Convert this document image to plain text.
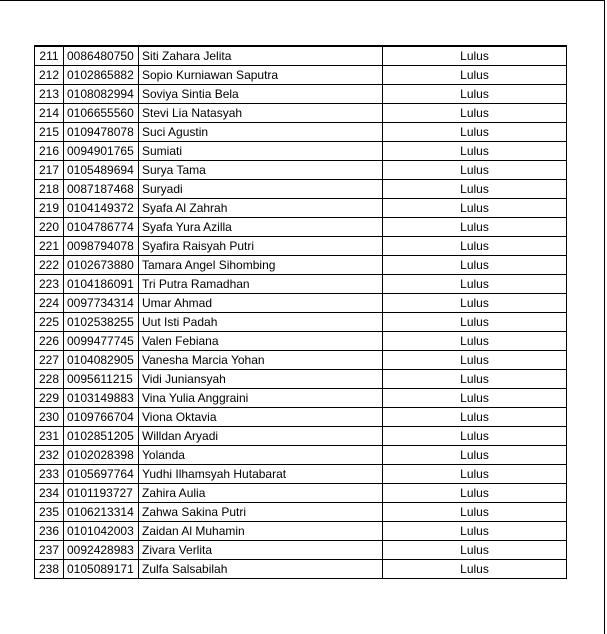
211	0086480750	Siti Zahara Jelita	Lulus
212	0102865882	Sopio Kurniawan Saputra	Lulus
213	0108082994	Soviya Sintia Bela	Lulus
214	0106655560	Stevi Lia Natasyah	Lulus
215	0109478078	Suci Agustin	Lulus
216	0094901765	Sumiati	Lulus
217	0105489694	Surya Tama	Lulus
218	0087187468	Suryadi	Lulus
219	0104149372	Syafa Al Zahrah	Lulus
220	0104786774	Syafa Yura Azilla	Lulus
221	0098794078	Syafira Raisyah Putri	Lulus
222	0102673880	Tamara Angel Sihombing	Lulus
223	0104186091	Tri Putra Ramadhan	Lulus
224	0097734314	Umar Ahmad	Lulus
225	0102538255	Uut Isti Padah	Lulus
226	0099477745	Valen Febiana	Lulus
227	0104082905	Vanesha Marcia Yohan	Lulus
228	0095611215	Vidi Juniansyah	Lulus
229	0103149883	Vina Yulia Anggraini	Lulus
230	0109766704	Viona Oktavia	Lulus
231	0102851205	Willdan Aryadi	Lulus
232	0102028398	Yolanda	Lulus
233	0105697764	Yudhi Ilhamsyah Hutabarat	Lulus
234	0101193727	Zahira Aulia	Lulus
235	0106213314	Zahwa Sakina Putri	Lulus
236	0101042003	Zaidan Al Muhamin	Lulus
237	0092428983	Zivara Verlita	Lulus
238	0105089171	Zulfa Salsabilah	Lulus
